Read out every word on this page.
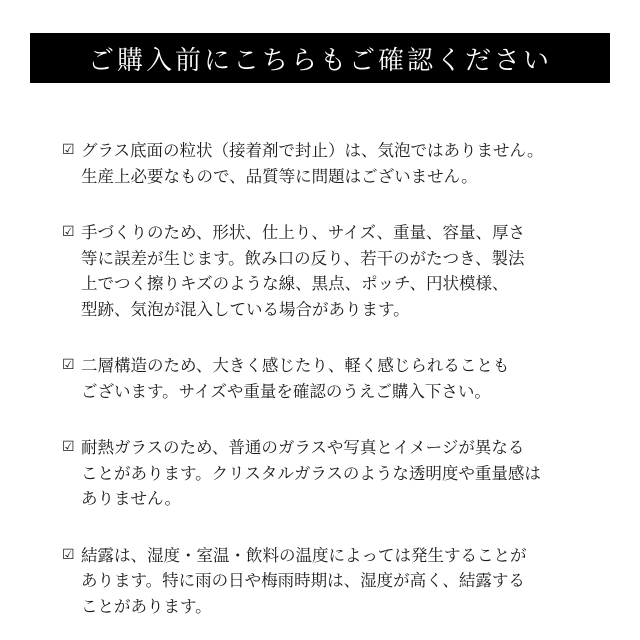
ご購入前にこちらもご確認ください
☑ グラス底面の粒状（接着剤で封止）は、気泡ではありません。
生産上必要なもので、品質等に問題はございません。
☑ 手づくりのため、形状、仕上り、サイズ、重量、容量、厚さ
等に誤差が生じます。飲み口の反り、若干のがたつき、製法
上でつく擦りキズのような線、黒点、ポッチ、円状模様、
型跡、気泡が混入している場合があります。
☑ 二層構造のため、大きく感じたり、軽く感じられることも
ございます。サイズや重量を確認のうえご購入下さい。
☑ 耐熱ガラスのため、普通のガラスや写真とイメージが異なる
ことがあります。クリスタルガラスのような透明度や重量感は
ありません。
☑ 結露は、湿度・室温・飲料の温度によっては発生することが
あります。特に雨の日や梅雨時期は、湿度が高く、結露する
ことがあります。
